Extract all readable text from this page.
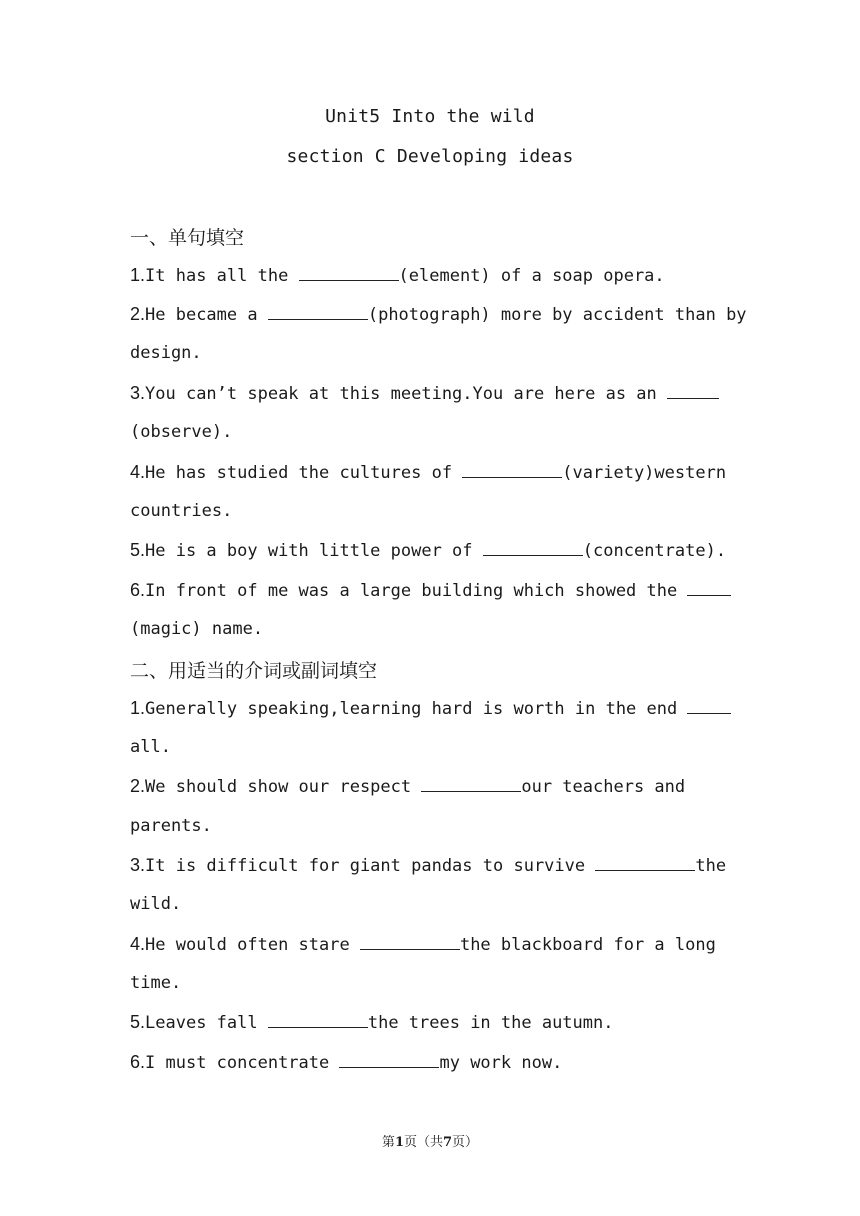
Unit5 Into the wild
section C Developing ideas
一、单句填空
1.It has all the	(element) of a soap opera.
2.He became a	(photograph) more by accident than by
design.
3.You can’t speak at this meeting.You are here as an
(observe).
4.He has studied the cultures of	(variety)western
countries.
5.He is a boy with little power of	(concentrate).
6.In front of me was a large building which showed the
(magic) name.
二、用适当的介词或副词填空
1.Generally speaking,learning hard is worth in the end
all.
2.We should show our respect	our teachers and
parents.
3.It is difficult for giant pandas to survive	the
wild.
4.He would often stare	the blackboard for a long
time.
5.Leaves fall	the trees in the autumn.
6.I must concentrate	my work now.
第1页（共7页）
